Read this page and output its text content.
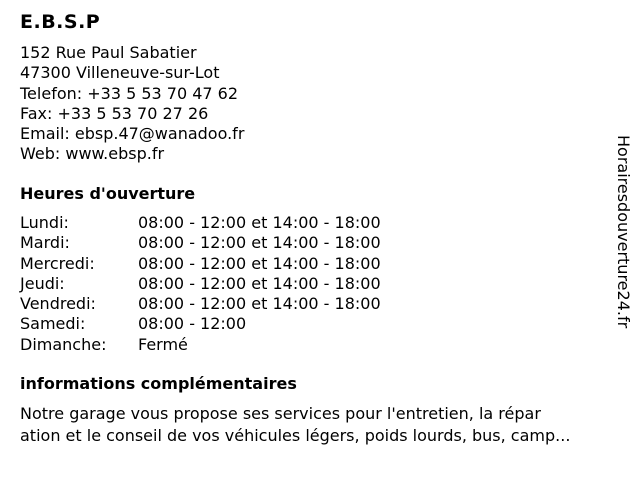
E.B.S.P
152 Rue Paul Sabatier
47300 Villeneuve-sur-Lot
Telefon: +33 5 53 70 47 62
Fax: +33 5 53 70 27 26
Email: ebsp.47@wanadoo.fr
Web: www.ebsp.fr
Heures d'ouverture
Lundi:	08:00 - 12:00 et 14:00 - 18:00
Mardi:	08:00 - 12:00 et 14:00 - 18:00
Mercredi:	08:00 - 12:00 et 14:00 - 18:00
Jeudi:	08:00 - 12:00 et 14:00 - 18:00
Vendredi:	08:00 - 12:00 et 14:00 - 18:00
Samedi:	08:00 - 12:00
Dimanche: Fermé
informations complémentaires
Notre garage vous propose ses services pour l'entretien, la répar
ation et le conseil de vos véhicules légers, poids lourds, bus, camp...
Horairesdouverture24.fr
